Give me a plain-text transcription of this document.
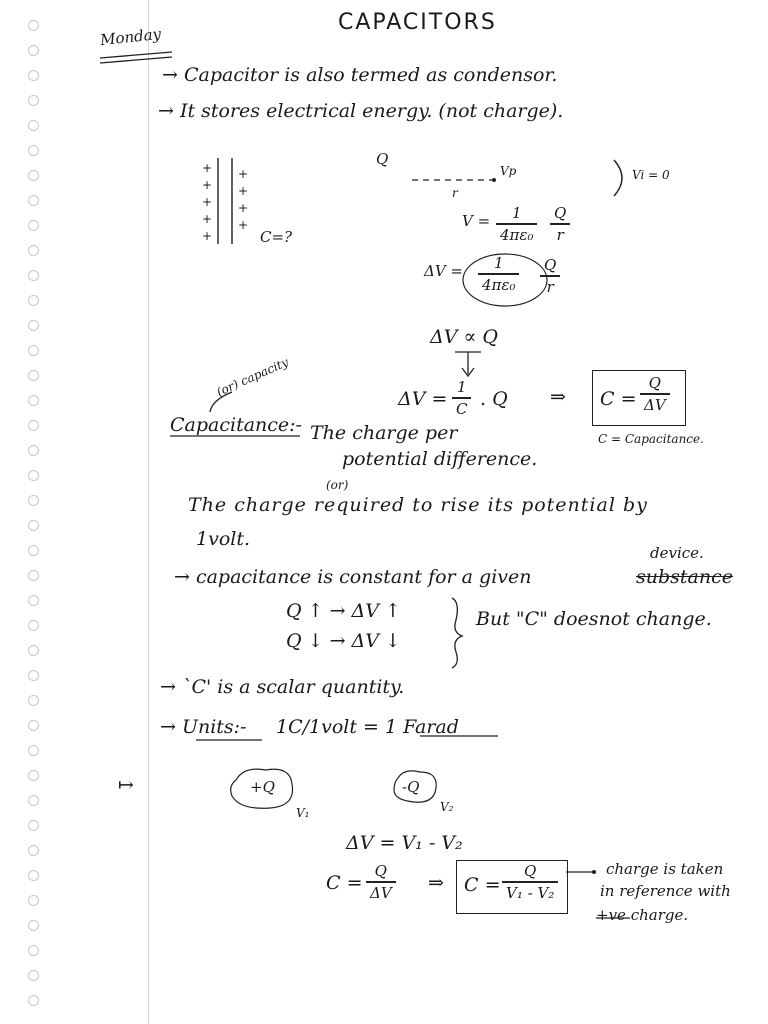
Monday
CAPACITORS
→ Capacitor is also termed as condensor.
→ It stores electrical energy. (not charge).
+
+
+
+
+
+
+
+
+
C=?
Q
Vp
r
Vi = 0
V = 1
4πε₀
Q
r
ΔV = 1
4πε₀
Q
r
ΔV ∝ Q
(or) capacity	ΔV =
1
C . Q ⇒ C =
Q
ΔV
C = Capacitance.
Capacitance:- The charge per
potential difference.
(or)
The charge required to rise its potential by
1volt.
→ capacitance is constant for a given	substance
device.
Q ↑ → ΔV ↑
Q ↓ → ΔV ↓
But "C" doesnot change.
→ `C' is a scalar quantity.
→ Units:- 1C/1volt = 1 Farad
↦	+Q
V₁
-Q
V₂
ΔV = V₁ - V₂
C =
Q
ΔV ⇒ C =
Q
V₁ - V₂
charge is taken
in reference with
+ve charge.
